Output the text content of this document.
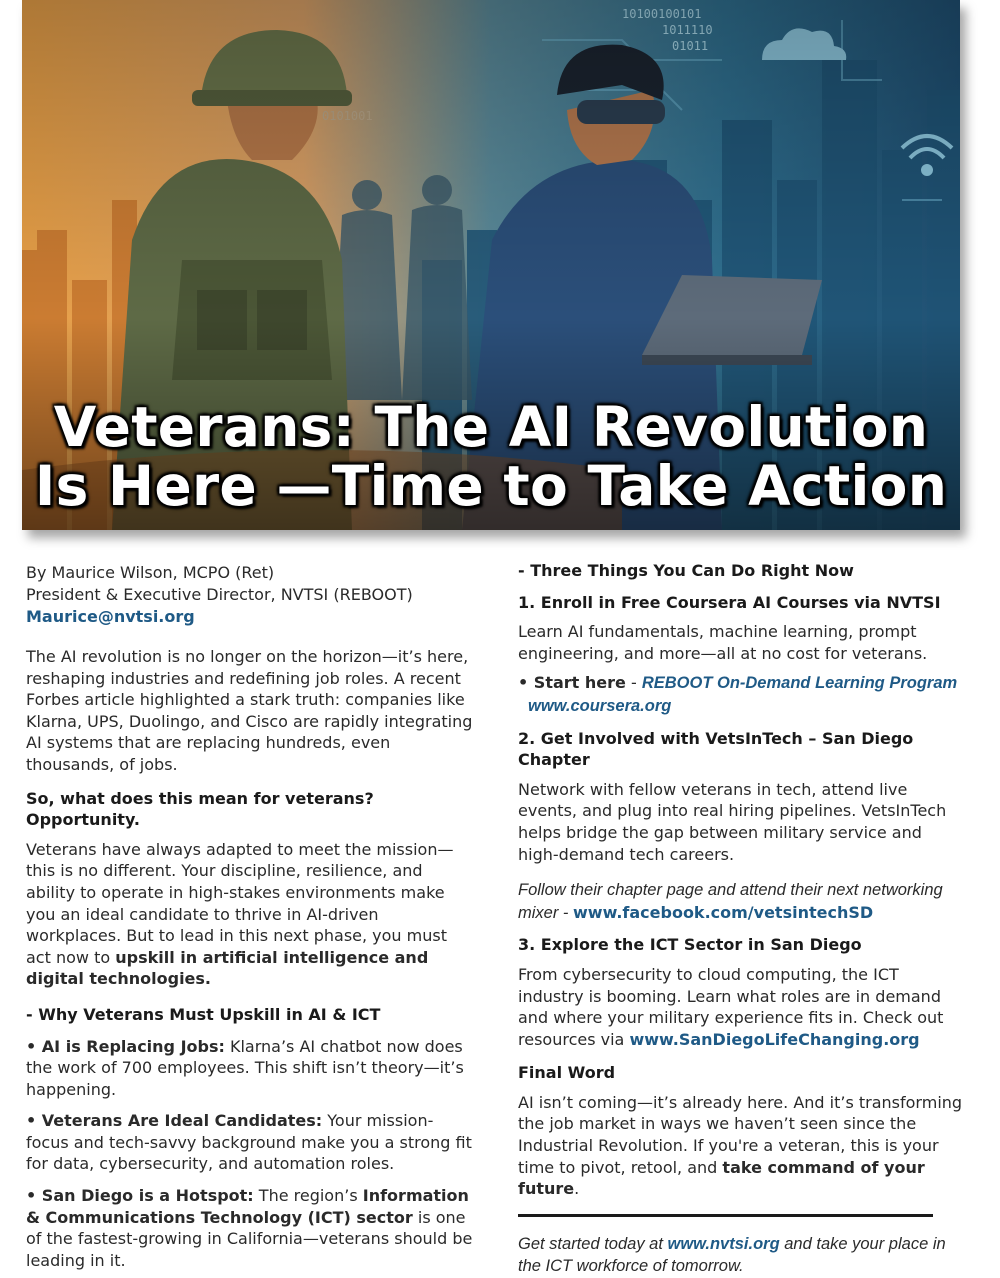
Veterans: The AI Revolution
Is Here —Time to Take Action

By Maurice Wilson, MCPO (Ret)

President & Executive Director, NVTSI (REBOOT)

Maurice@nvtsi.org

The AI revolution is no longer on the horizon—it’s here, reshaping industries and redefining job roles. A recent Forbes article highlighted a stark truth: companies like Klarna, UPS, Duolingo, and Cisco are rapidly integrating AI systems that are replacing hundreds, even thousands, of jobs.

So, what does this mean for veterans? Opportunity.

Veterans have always adapted to meet the mission—this is no different. Your discipline, resilience, and ability to operate in high-stakes environments make you an ideal candidate to thrive in AI-driven workplaces. But to lead in this next phase, you must act now to upskill in artificial intelligence and digital technologies.

- Why Veterans Must Upskill in AI & ICT

• AI is Replacing Jobs: Klarna’s AI chatbot now does the work of 700 employees. This shift isn’t theory—it’s happening.

• Veterans Are Ideal Candidates: Your mission-focus and tech-savvy background make you a strong fit for data, cybersecurity, and automation roles.

• San Diego is a Hotspot: The region’s Information & Communications Technology (ICT) sector is one of the fastest-growing in California—veterans should be leading in it.

- Three Things You Can Do Right Now

1. Enroll in Free Coursera AI Courses via NVTSI

Learn AI fundamentals, machine learning, prompt engineering, and more—all at no cost for veterans.

• Start here - REBOOT On-Demand Learning Program

www.coursera.org

2. Get Involved with VetsInTech – San Diego Chapter

Network with fellow veterans in tech, attend live events, and plug into real hiring pipelines. VetsInTech helps bridge the gap between military service and high-demand tech careers.

Follow their chapter page and attend their next networking mixer - www.facebook.com/vetsintechSD

3. Explore the ICT Sector in San Diego

From cybersecurity to cloud computing, the ICT industry is booming. Learn what roles are in demand and where your military experience fits in. Check out resources via www.SanDiegoLifeChanging.org

Final Word

AI isn’t coming—it’s already here. And it’s transforming the job market in ways we haven’t seen since the Industrial Revolution. If you're a veteran, this is your time to pivot, retool, and take command of your future.

Get started today at www.nvtsi.org and take your place in the ICT workforce of tomorrow.
